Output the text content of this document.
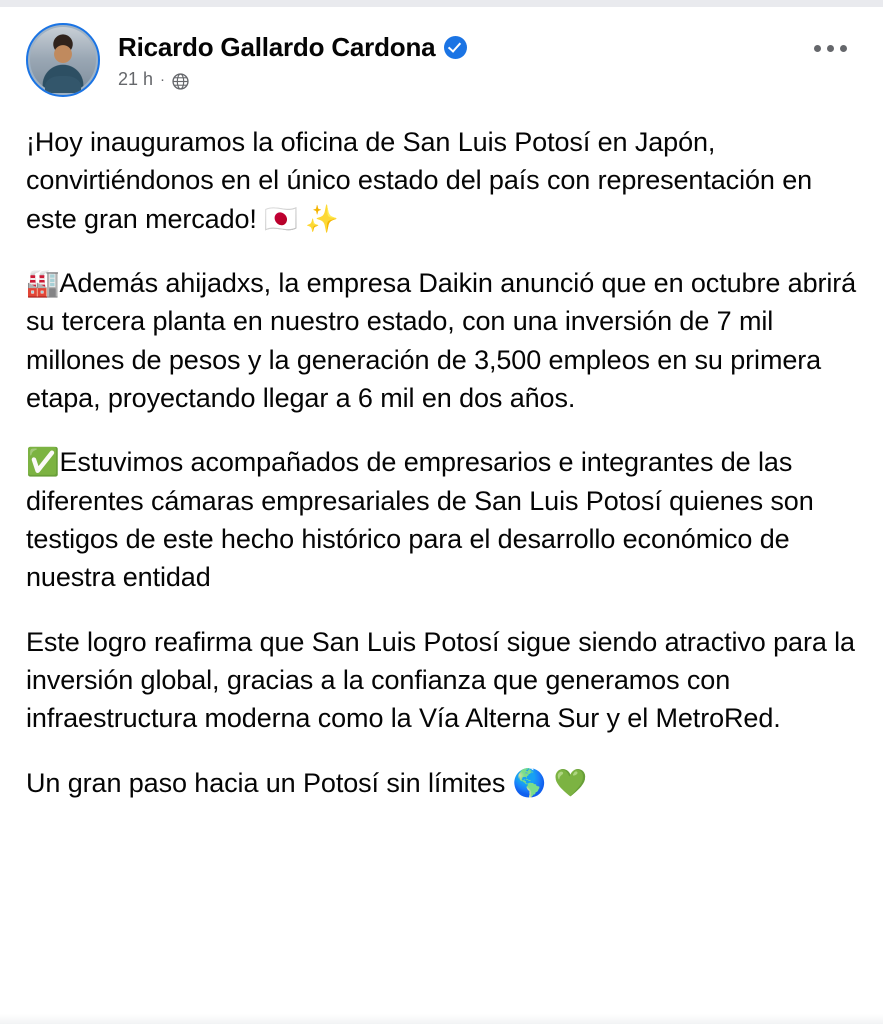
Ricardo Gallardo Cardona
21 h ·

¡Hoy inauguramos la oficina de San Luis Potosí en Japón, convirtiéndonos en el único estado del país con representación en este gran mercado! 🇯🇵 ✨

🏭Además ahijadxs, la empresa Daikin anunció que en octubre abrirá su tercera planta en nuestro estado, con una inversión de 7 mil millones de pesos y la generación de 3,500 empleos en su primera etapa, proyectando llegar a 6 mil en dos años.

✅Estuvimos acompañados de empresarios e integrantes de las diferentes cámaras empresariales de San Luis Potosí quienes son testigos de este hecho histórico para el desarrollo económico de nuestra entidad

Este logro reafirma que San Luis Potosí sigue siendo atractivo para la inversión global, gracias a la confianza que generamos con infraestructura moderna como la Vía Alterna Sur y el MetroRed.

Un gran paso hacia un Potosí sin límites 🌎 💚
